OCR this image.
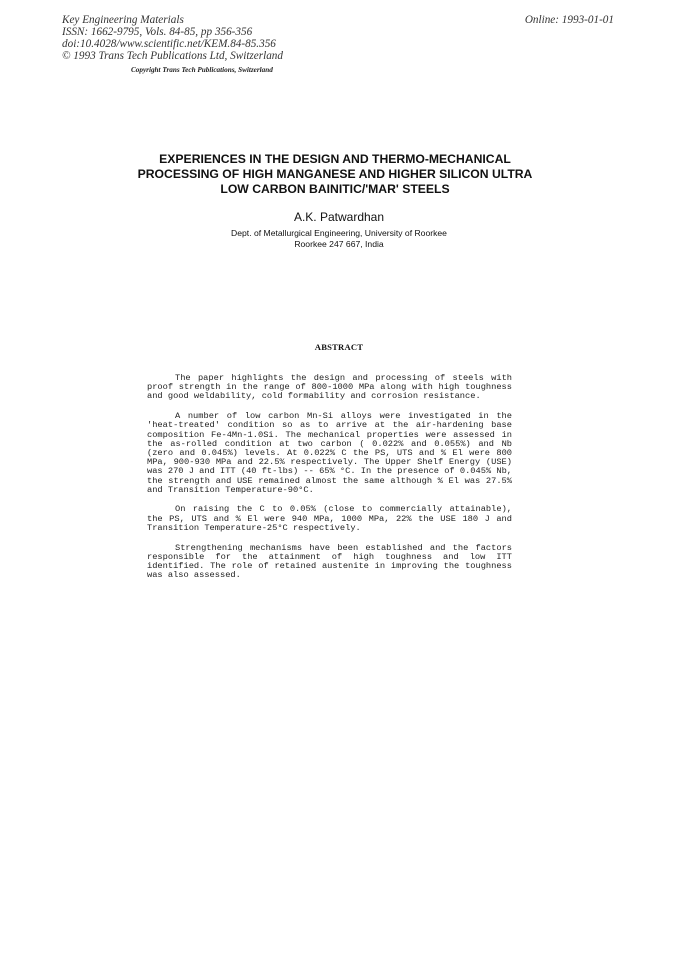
Key Engineering Materials
ISSN: 1662-9795, Vols. 84-85, pp 356-356
doi:10.4028/www.scientific.net/KEM.84-85.356
© 1993 Trans Tech Publications Ltd, Switzerland
Online: 1993-01-01
Copyright Trans Tech Publications, Switzerland
EXPERIENCES IN THE DESIGN AND THERMO-MECHANICAL
PROCESSING OF HIGH MANGANESE AND HIGHER SILICON ULTRA
LOW CARBON BAINITIC/'MAR' STEELS
A.K. Patwardhan
Dept. of Metallurgical Engineering, University of Roorkee
Roorkee 247 667, India
ABSTRACT

The paper highlights the design and processing of steels with proof strength in the range of 800-1000 MPa along with high toughness and good weldability, cold formability and corrosion resistance.

A number of low carbon Mn-Si alloys were investigated in the 'heat-treated' condition so as to arrive at the air-hardening base composition Fe-4Mn-1.0Si. The mechanical properties were assessed in the as-rolled condition at two carbon ( 0.022% and 0.055%) and Nb (zero and 0.045%) levels. At 0.022% C the PS, UTS and % El were 800 MPa, 900-930 MPa and 22.5% respectively. The Upper Shelf Energy (USE) was 270 J and ITT (40 ft-lbs) -- 65% °C. In the presence of 0.045% Nb, the strength and USE remained almost the same although % El was 27.5% and Transition Temperature-90°C.

On raising the C to 0.05% (close to commercially attainable), the PS, UTS and % El were 940 MPa, 1000 MPa, 22% the USE 180 J and Transition Temperature-25°C respectively.

Strengthening mechanisms have been established and the factors responsible for the attainment of high toughness and low ITT identified. The role of retained austenite in improving the toughness was also assessed.
